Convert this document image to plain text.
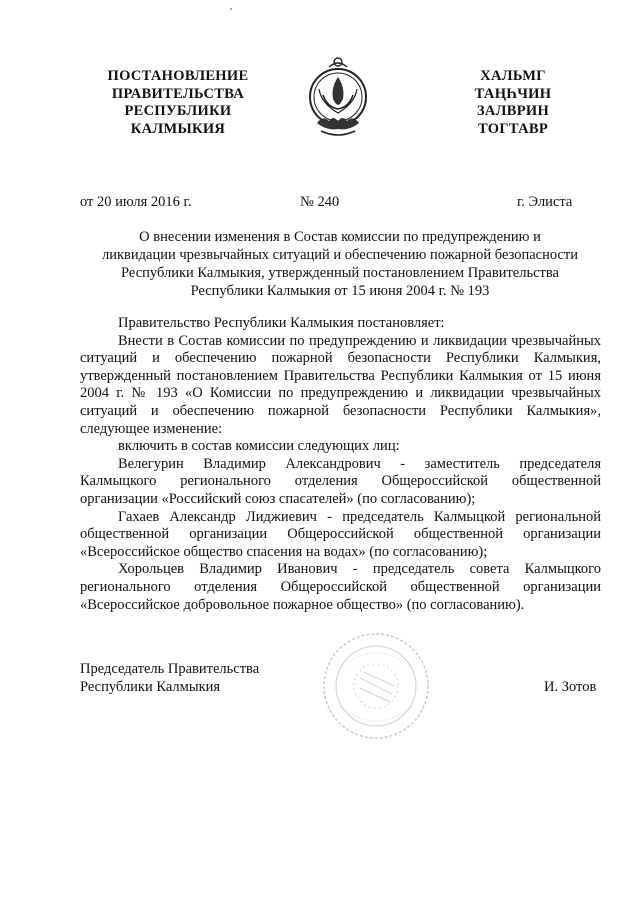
ПОСТАНОВЛЕНИЕ
ПРАВИТЕЛЬСТВА
РЕСПУБЛИКИ
КАЛМЫКИЯ
ХАЛЬМГ
ТАҢҺЧИН
ЗАЛВРИН
ТОГТАВР
от 20 июля 2016 г.	№ 240	г. Элиста
О внесении изменения в Состав комиссии по предупреждению и
ликвидации чрезвычайных ситуаций и обеспечению пожарной безопасности
Республики Калмыкия, утвержденный постановлением Правительства
Республики Калмыкия от 15 июня 2004 г. № 193

Правительство Республики Калмыкия постановляет:

Внести в Состав комиссии по предупреждению и ликвидации чрезвычайных ситуаций и обеспечению пожарной безопасности Республики Калмыкия, утвержденный постановлением Правительства Республики Калмыкия от 15 июня 2004 г. № 193 «О Комиссии по предупреждению и ликвидации чрезвычайных ситуаций и обеспечению пожарной безопасности Республики Калмыкия», следующее изменение:

включить в состав комиссии следующих лиц:

Велегурин Владимир Александрович - заместитель председателя Калмыцкого регионального отделения Общероссийской общественной организации «Российский союз спасателей» (по согласованию);

Гахаев Александр Лиджиевич - председатель Калмыцкой региональной общественной организации Общероссийской общественной организации «Всероссийское общество спасения на водах» (по согласованию);

Хорольцев Владимир Иванович - председатель совета Калмыцкого регионального отделения Общероссийской общественной организации «Всероссийское добровольное пожарное общество» (по согласованию).

Председатель Правительства
Республики Калмыкия	И. Зотов
